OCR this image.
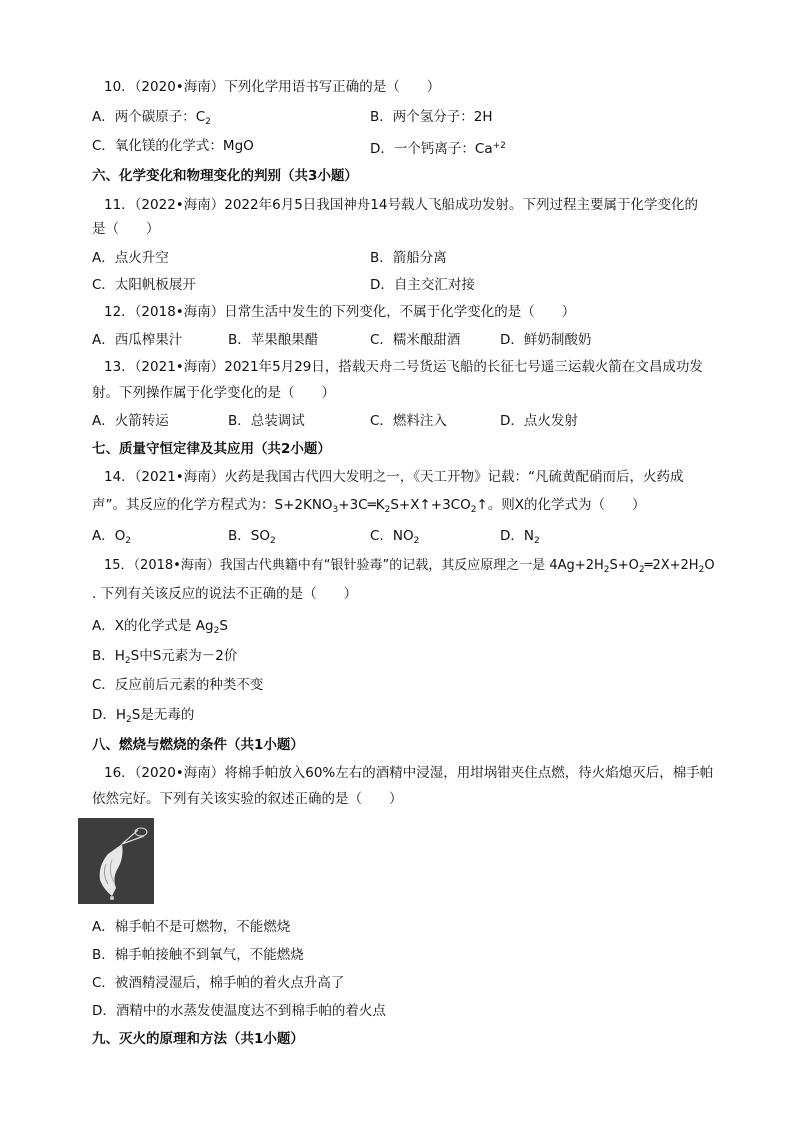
10．（2020•海南）下列化学用语书写正确的是（　　）
A．两个碳原子：$C_2$	B．两个氢分子：2H
C．氧化镁的化学式：MgO	D．一个钙离子：$Ca^{+2}$
六、化学变化和物理变化的判别（共3小题）
11．（2022•海南）2022年6月5日我国神舟14号载人飞船成功发射。下列过程主要属于化学变化的
是（　　）
A．点火升空	B．箭船分离
C．太阳帆板展开	D．自主交汇对接
12．（2018•海南）日常生活中发生的下列变化，不属于化学变化的是（　　）
A．西瓜榨果汁	B．苹果酿果醋	C．糯米酿甜酒	D．鲜奶制酸奶
13．（2021•海南）2021年5月29日，搭载天舟二号货运飞船的长征七号遥三运载火箭在文昌成功发
射。下列操作属于化学变化的是（　　）
A．火箭转运	B．总装调试	C．燃料注入	D．点火发射
七、质量守恒定律及其应用（共2小题）
14．（2021•海南）火药是我国古代四大发明之一，《天工开物》记载：“凡硫黄配硝而后，火药成
声”。其反应的化学方程式为：$S+2KNO_3+3C═K_2S+X↑+3CO_2↑$。则X的化学式为（　　）
A．$O_2$	B．$SO_2$	C．$NO_2$	D．$N_2$
15．（2018•海南）我国古代典籍中有“银针验毒”的记载，其反应原理之一是 $4Ag+2H_2S+O_2═2X+2H_2O$
. 下列有关该反应的说法不正确的是（　　）
A．X的化学式是 $Ag_2S$
B．$H_2S$中S元素为－2价
C．反应前后元素的种类不变
D．$H_2S$是无毒的
八、燃烧与燃烧的条件（共1小题）
16．（2020•海南）将棉手帕放入60%左右的酒精中浸湿，用坩埚钳夹住点燃，待火焰熄灭后，棉手帕
依然完好。下列有关该实验的叙述正确的是（　　）
A．棉手帕不是可燃物，不能燃烧
B．棉手帕接触不到氧气，不能燃烧
C．被酒精浸湿后，棉手帕的着火点升高了
D．酒精中的水蒸发使温度达不到棉手帕的着火点
九、灭火的原理和方法（共1小题）
